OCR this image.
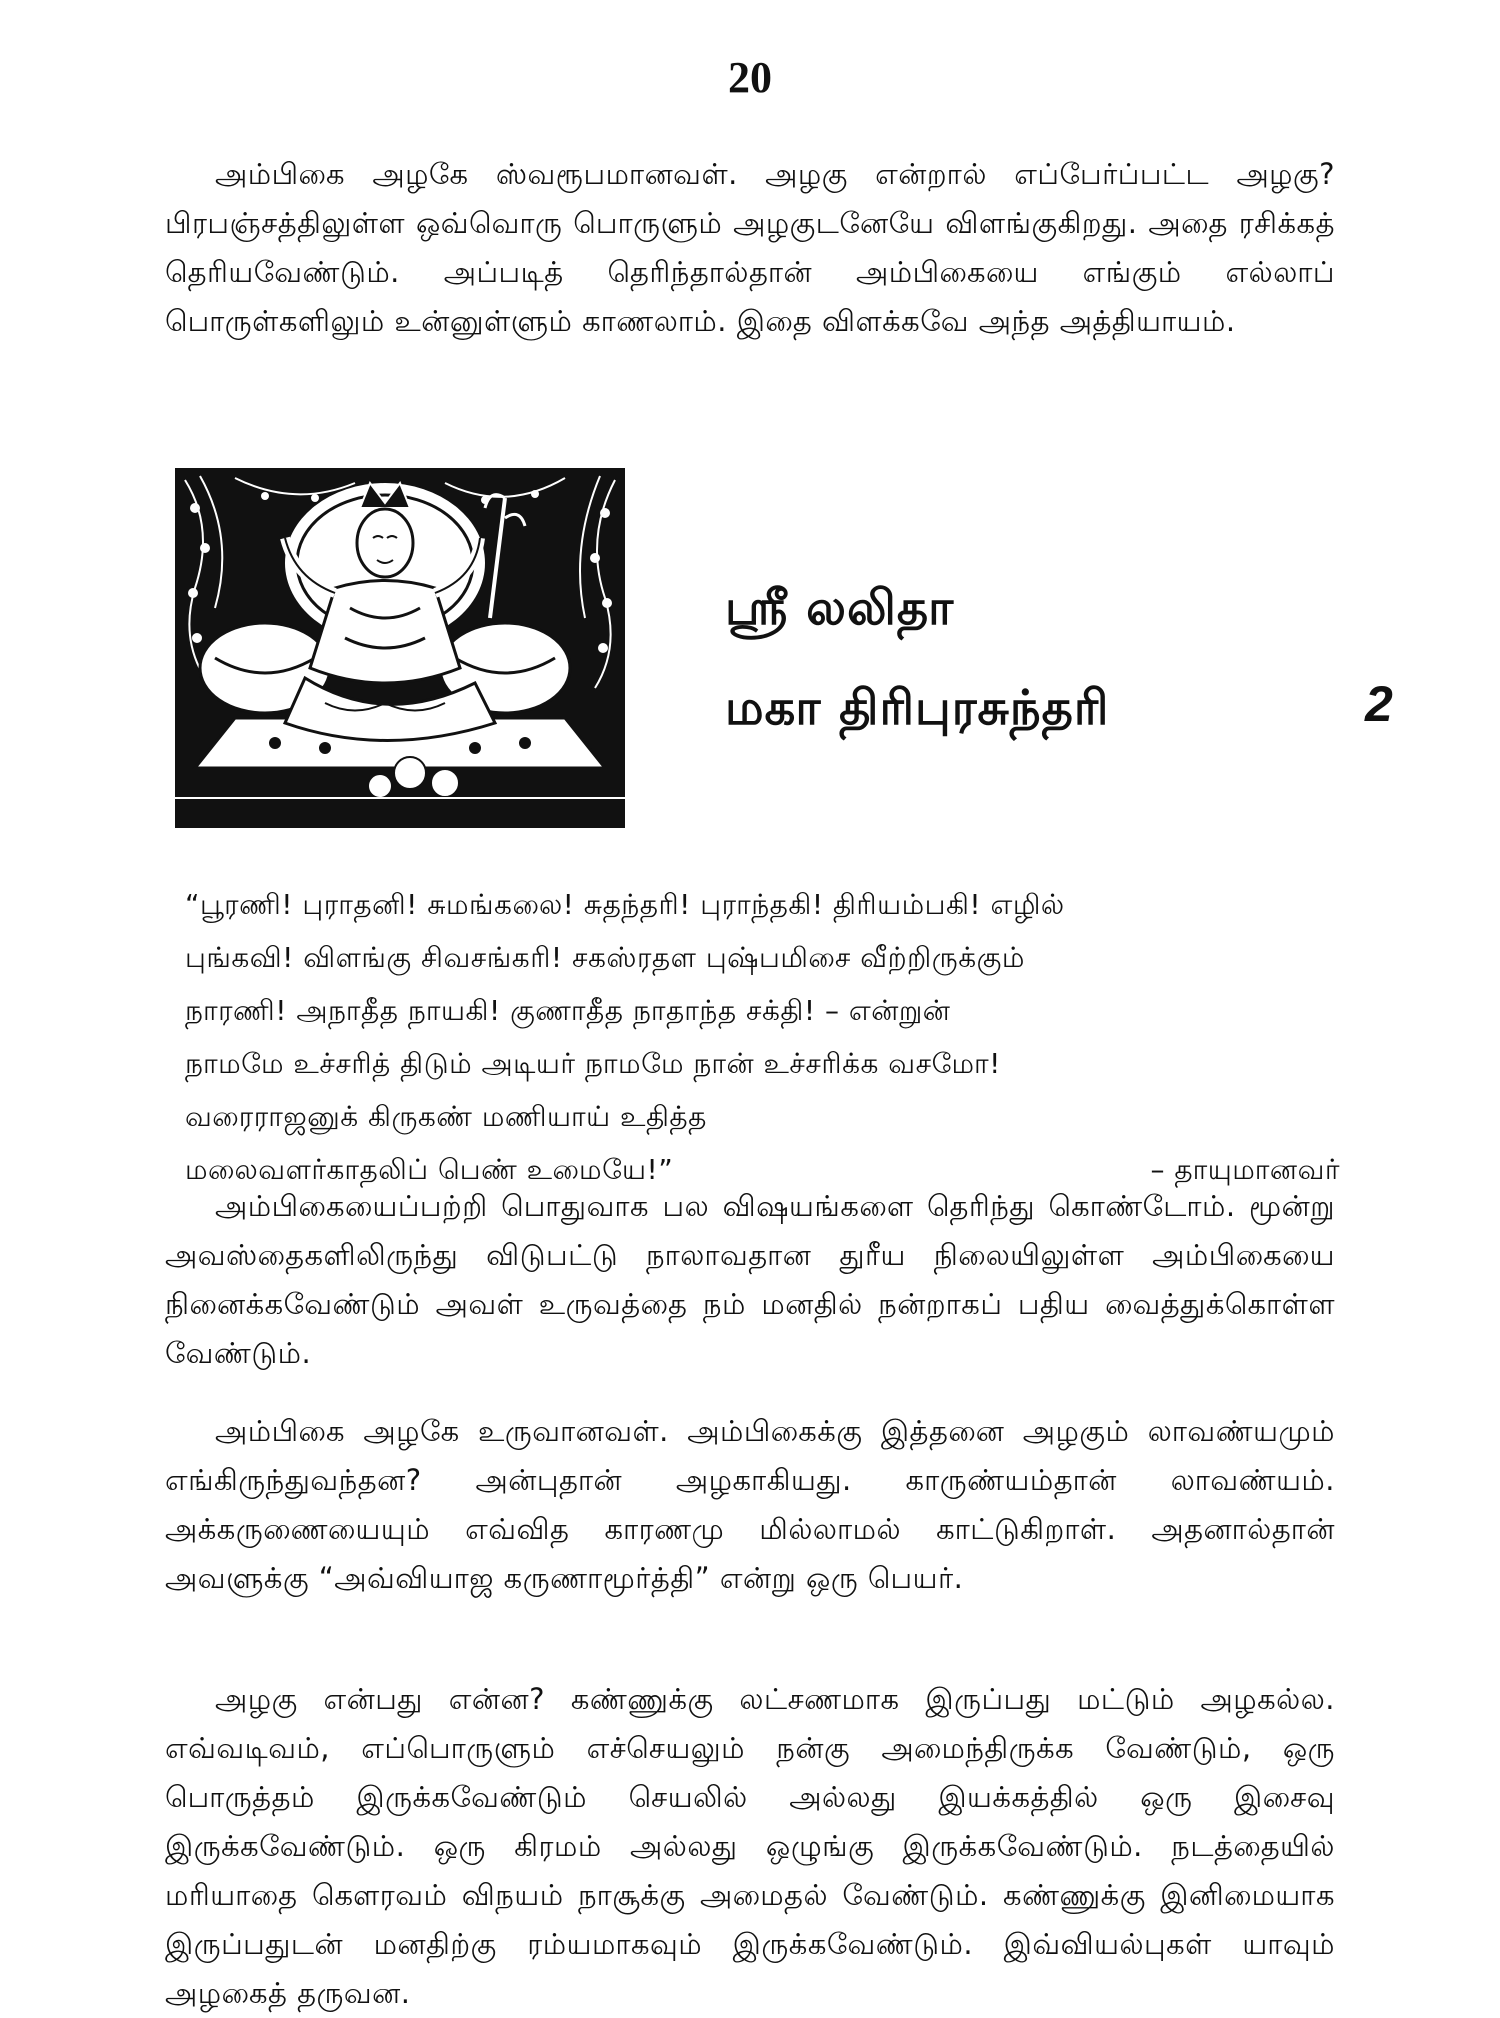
20

அம்பிகை அழகே ஸ்வரூபமானவள். அழகு என்றால் எப்பேர்ப்பட்ட அழகு? பிரபஞ்சத்திலுள்ள ஒவ்வொரு பொருளும் அழகுடனேயே விளங்குகிறது. அதை ரசிக்கத் தெரியவேண்டும். அப்படித் தெரிந்தால்தான் அம்பிகையை எங்கும் எல்லாப் பொருள்களிலும் உன்னுள்ளும் காணலாம். இதை விளக்கவே அந்த அத்தியாயம்.

ஸ்ரீ லலிதா
மகா திரிபுரசுந்தரி	2
“பூரணி! புராதனி! சுமங்கலை! சுதந்தரி! புராந்தகி! திரியம்பகி! எழில்
புங்கவி! விளங்கு சிவசங்கரி! சகஸ்ரதள புஷ்பமிசை வீற்றிருக்கும்
நாரணி! அநாதீத நாயகி! குணாதீத நாதாந்த சக்தி! – என்றுன்
நாமமே உச்சரித் திடும் அடியர் நாமமே நான் உச்சரிக்க வசமோ!
வரைராஜனுக் கிருகண் மணியாய் உதித்த
மலைவளர்காதலிப் பெண் உமையே!”	– தாயுமானவர்

அம்பிகையைப்பற்றி பொதுவாக பல விஷயங்களை தெரிந்து கொண்டோம். மூன்று அவஸ்தைகளிலிருந்து விடுபட்டு நாலாவதான துரீய நிலையிலுள்ள அம்பிகையை நினைக்கவேண்டும் அவள் உருவத்தை நம் மனதில் நன்றாகப் பதிய வைத்துக்கொள்ள வேண்டும்.

அம்பிகை அழகே உருவானவள். அம்பிகைக்கு இத்தனை அழகும் லாவண்யமும் எங்கிருந்துவந்தன? அன்புதான் அழகாகியது. காருண்யம்தான் லாவண்யம். அக்கருணையையும் எவ்வித காரணமு மில்லாமல் காட்டுகிறாள். அதனால்தான் அவளுக்கு “அவ்வியாஜ கருணாமூர்த்தி” என்று ஒரு பெயர்.

அழகு என்பது என்ன? கண்ணுக்கு லட்சணமாக இருப்பது மட்டும் அழகல்ல. எவ்வடிவம், எப்பொருளும் எச்செயலும் நன்கு அமைந்திருக்க வேண்டும், ஒரு பொருத்தம் இருக்கவேண்டும் செயலில் அல்லது இயக்கத்தில் ஒரு இசைவு இருக்கவேண்டும். ஒரு கிரமம் அல்லது ஒழுங்கு இருக்கவேண்டும். நடத்தையில் மரியாதை கௌரவம் விநயம் நாசூக்கு அமைதல் வேண்டும். கண்ணுக்கு இனிமையாக இருப்பதுடன் மனதிற்கு ரம்யமாகவும் இருக்கவேண்டும். இவ்வியல்புகள் யாவும் அழகைத் தருவன.
